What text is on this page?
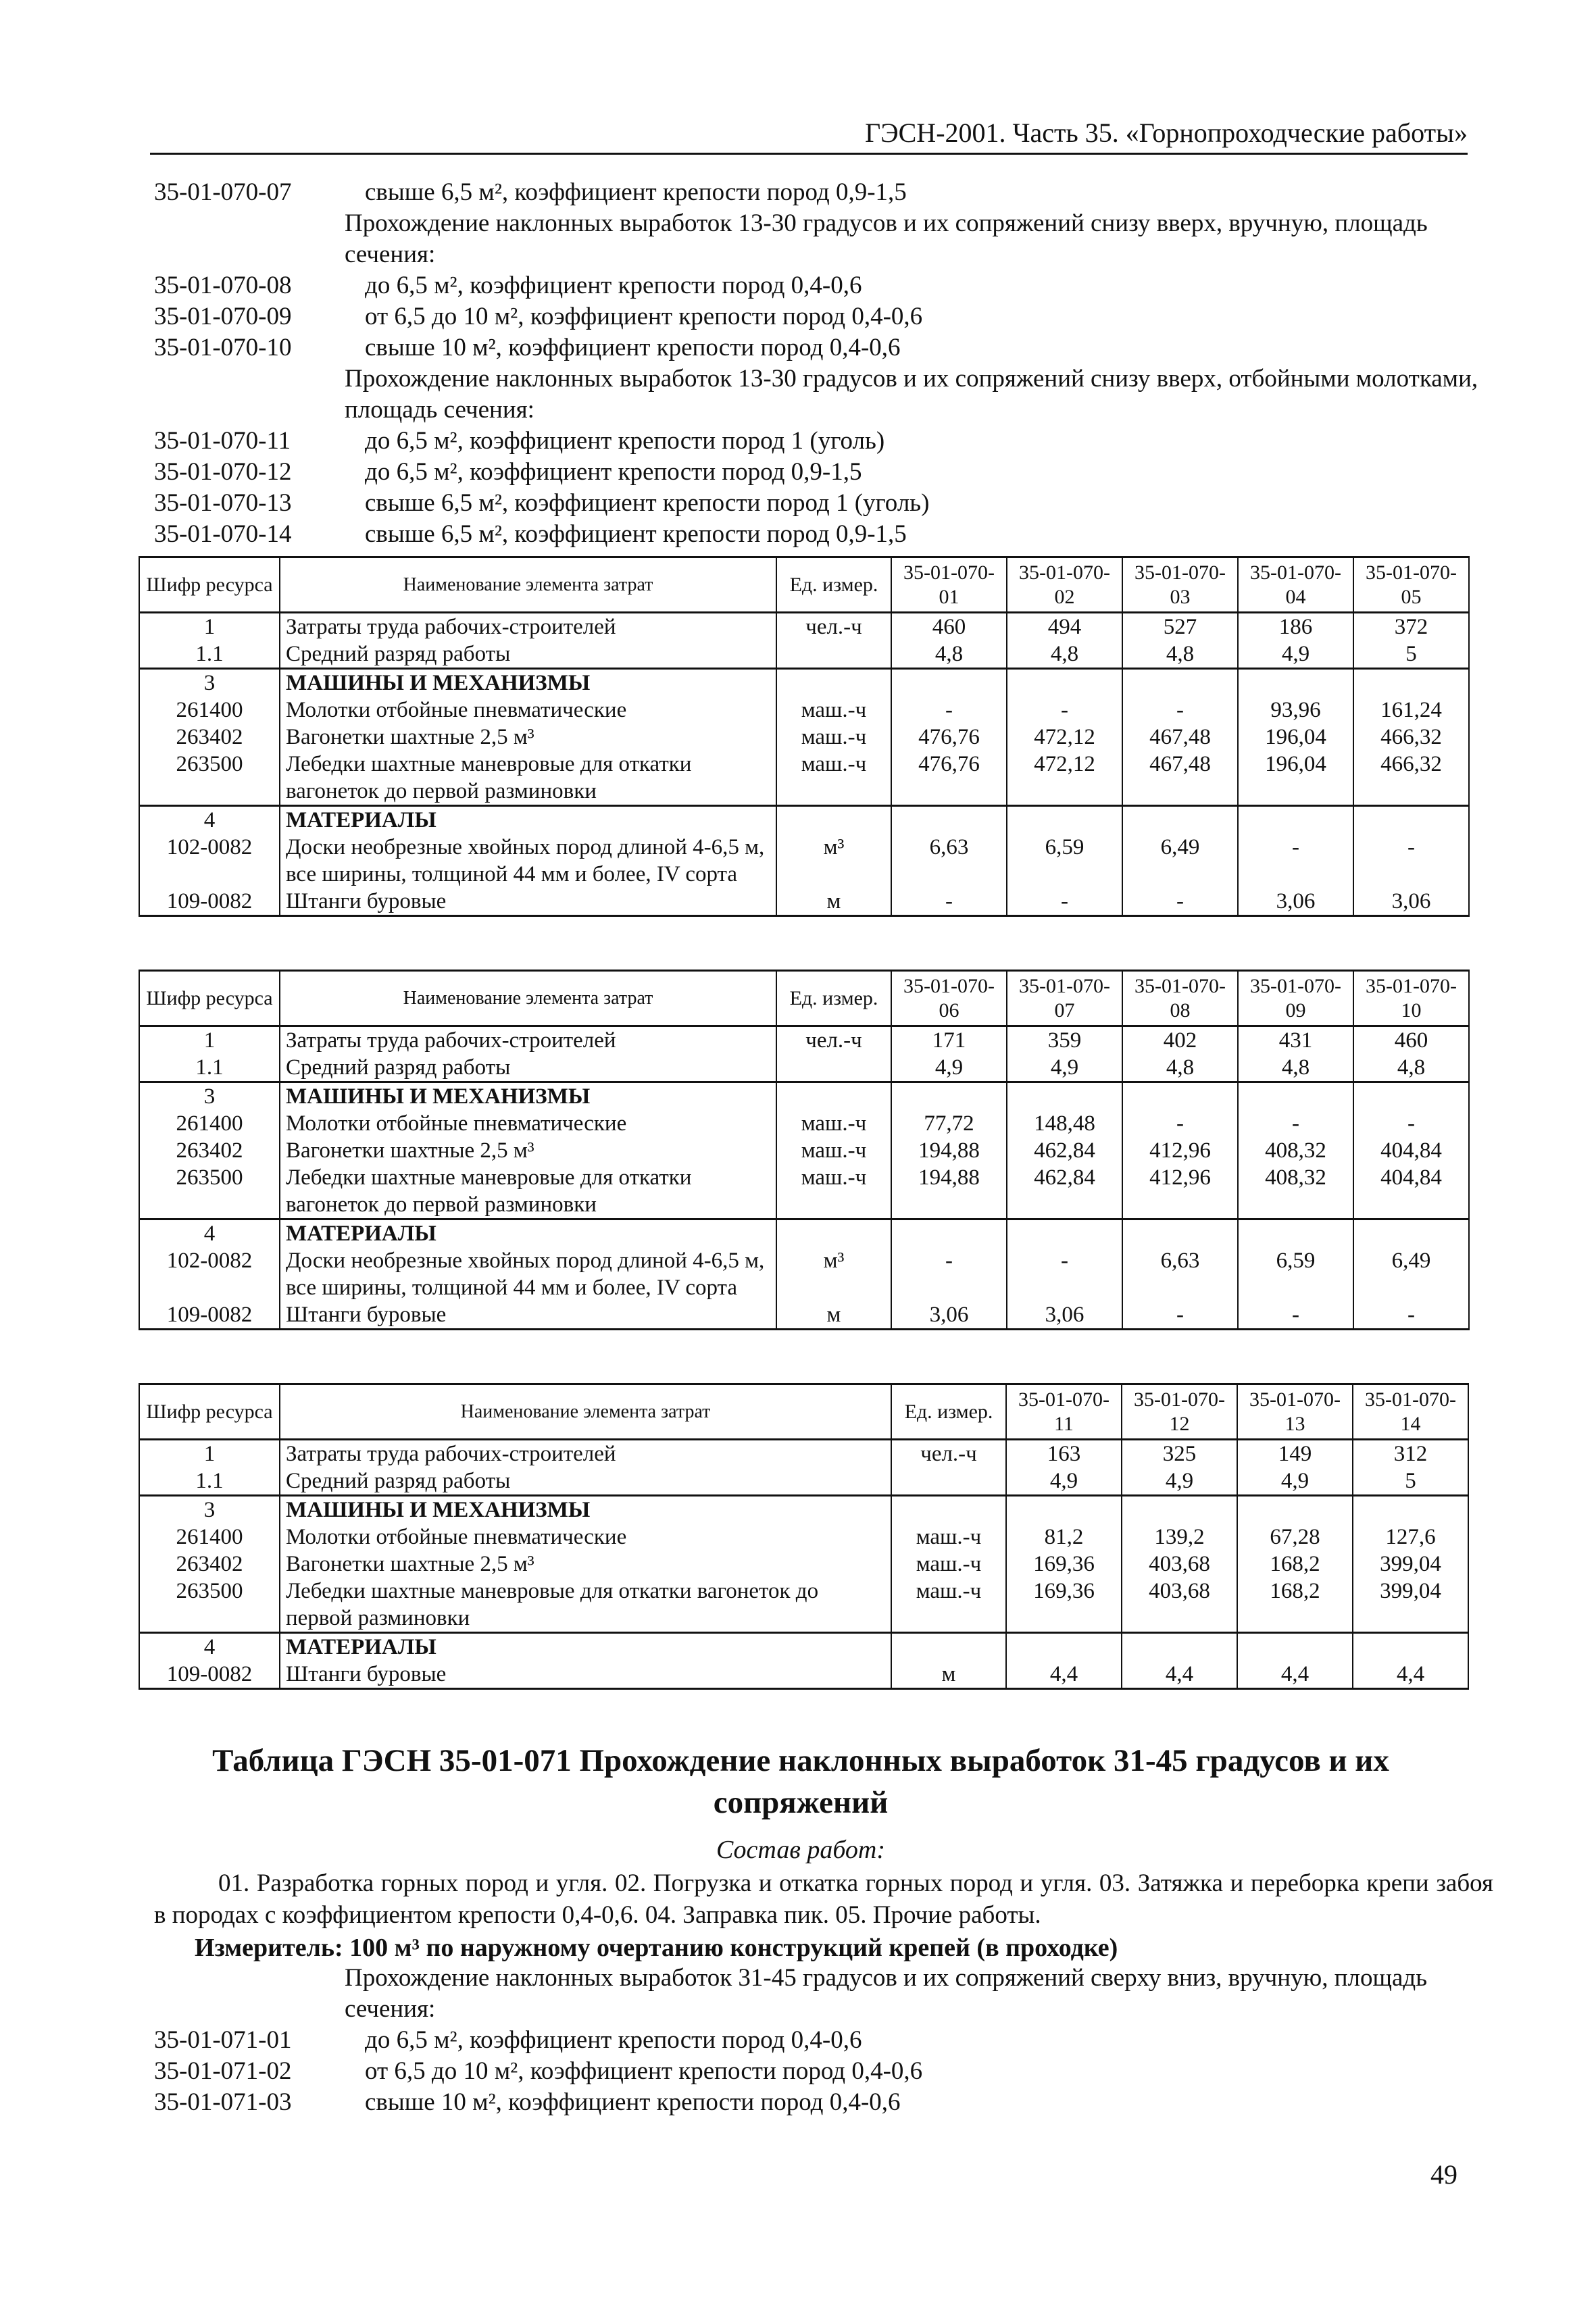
ГЭСН-2001. Часть 35. «Горнопроходческие работы»
35-01-070-07	свыше 6,5 м², коэффициент крепости пород 0,9-1,5
Прохождение наклонных выработок 13-30 градусов и их сопряжений снизу вверх, вручную, площадь сечения:
35-01-070-08	до 6,5 м², коэффициент крепости пород 0,4-0,6
35-01-070-09	от 6,5 до 10 м², коэффициент крепости пород 0,4-0,6
35-01-070-10	свыше 10 м², коэффициент крепости пород 0,4-0,6
Прохождение наклонных выработок 13-30 градусов и их сопряжений снизу вверх, отбойными молотками, площадь сечения:
35-01-070-11	до 6,5 м², коэффициент крепости пород 1 (уголь)
35-01-070-12	до 6,5 м², коэффициент крепости пород 0,9-1,5
35-01-070-13	свыше 6,5 м², коэффициент крепости пород 1 (уголь)
35-01-070-14	свыше 6,5 м², коэффициент крепости пород 0,9-1,5
Шифр ресурса	Наименование элемента затрат	Ед. измер.	35-01-070-01	35-01-070-02	35-01-070-03	35-01-070-04	35-01-070-05
1	Затраты труда рабочих-строителей	чел.-ч	460	494	527	186	372
1.1	Средний разряд работы		4,8	4,8	4,8	4,9	5
3	МАШИНЫ И МЕХАНИЗМЫ						
261400	Молотки отбойные пневматические	маш.-ч	-	-	-	93,96	161,24
263402	Вагонетки шахтные 2,5 м³	маш.-ч	476,76	472,12	467,48	196,04	466,32
263500	Лебедки шахтные маневровые для откатки вагонеток до первой разминовки	маш.-ч	476,76	472,12	467,48	196,04	466,32
4	МАТЕРИАЛЫ						
102-0082	Доски необрезные хвойных пород длиной 4-6,5 м, все ширины, толщиной 44 мм и более, IV сорта	м³	6,63	6,59	6,49	-	-
109-0082	Штанги буровые	м	-	-	-	3,06	3,06
Шифр ресурса	Наименование элемента затрат	Ед. измер.	35-01-070-06	35-01-070-07	35-01-070-08	35-01-070-09	35-01-070-10
1	Затраты труда рабочих-строителей	чел.-ч	171	359	402	431	460
1.1	Средний разряд работы		4,9	4,9	4,8	4,8	4,8
3	МАШИНЫ И МЕХАНИЗМЫ						
261400	Молотки отбойные пневматические	маш.-ч	77,72	148,48	-	-	-
263402	Вагонетки шахтные 2,5 м³	маш.-ч	194,88	462,84	412,96	408,32	404,84
263500	Лебедки шахтные маневровые для откатки вагонеток до первой разминовки	маш.-ч	194,88	462,84	412,96	408,32	404,84
4	МАТЕРИАЛЫ						
102-0082	Доски необрезные хвойных пород длиной 4-6,5 м, все ширины, толщиной 44 мм и более, IV сорта	м³	-	-	6,63	6,59	6,49
109-0082	Штанги буровые	м	3,06	3,06	-	-	-
Шифр ресурса	Наименование элемента затрат	Ед. измер.	35-01-070-11	35-01-070-12	35-01-070-13	35-01-070-14
1	Затраты труда рабочих-строителей	чел.-ч	163	325	149	312
1.1	Средний разряд работы		4,9	4,9	4,9	5
3	МАШИНЫ И МЕХАНИЗМЫ					
261400	Молотки отбойные пневматические	маш.-ч	81,2	139,2	67,28	127,6
263402	Вагонетки шахтные 2,5 м³	маш.-ч	169,36	403,68	168,2	399,04
263500	Лебедки шахтные маневровые для откатки вагонеток до первой разминовки	маш.-ч	169,36	403,68	168,2	399,04
4	МАТЕРИАЛЫ					
109-0082	Штанги буровые	м	4,4	4,4	4,4	4,4
Таблица ГЭСН 35-01-071 Прохождение наклонных выработок 31-45 градусов и их сопряжений
Состав работ:
01. Разработка горных пород и угля. 02. Погрузка и откатка горных пород и угля. 03. Затяжка и переборка крепи забоя в породах с коэффициентом крепости 0,4-0,6. 04. Заправка пик. 05. Прочие работы.
Измеритель: 100 м³ по наружному очертанию конструкций крепей (в проходке)
Прохождение наклонных выработок 31-45 градусов и их сопряжений сверху вниз, вручную, площадь сечения:
35-01-071-01	до 6,5 м², коэффициент крепости пород 0,4-0,6
35-01-071-02	от 6,5 до 10 м², коэффициент крепости пород 0,4-0,6
35-01-071-03	свыше 10 м², коэффициент крепости пород 0,4-0,6
49
